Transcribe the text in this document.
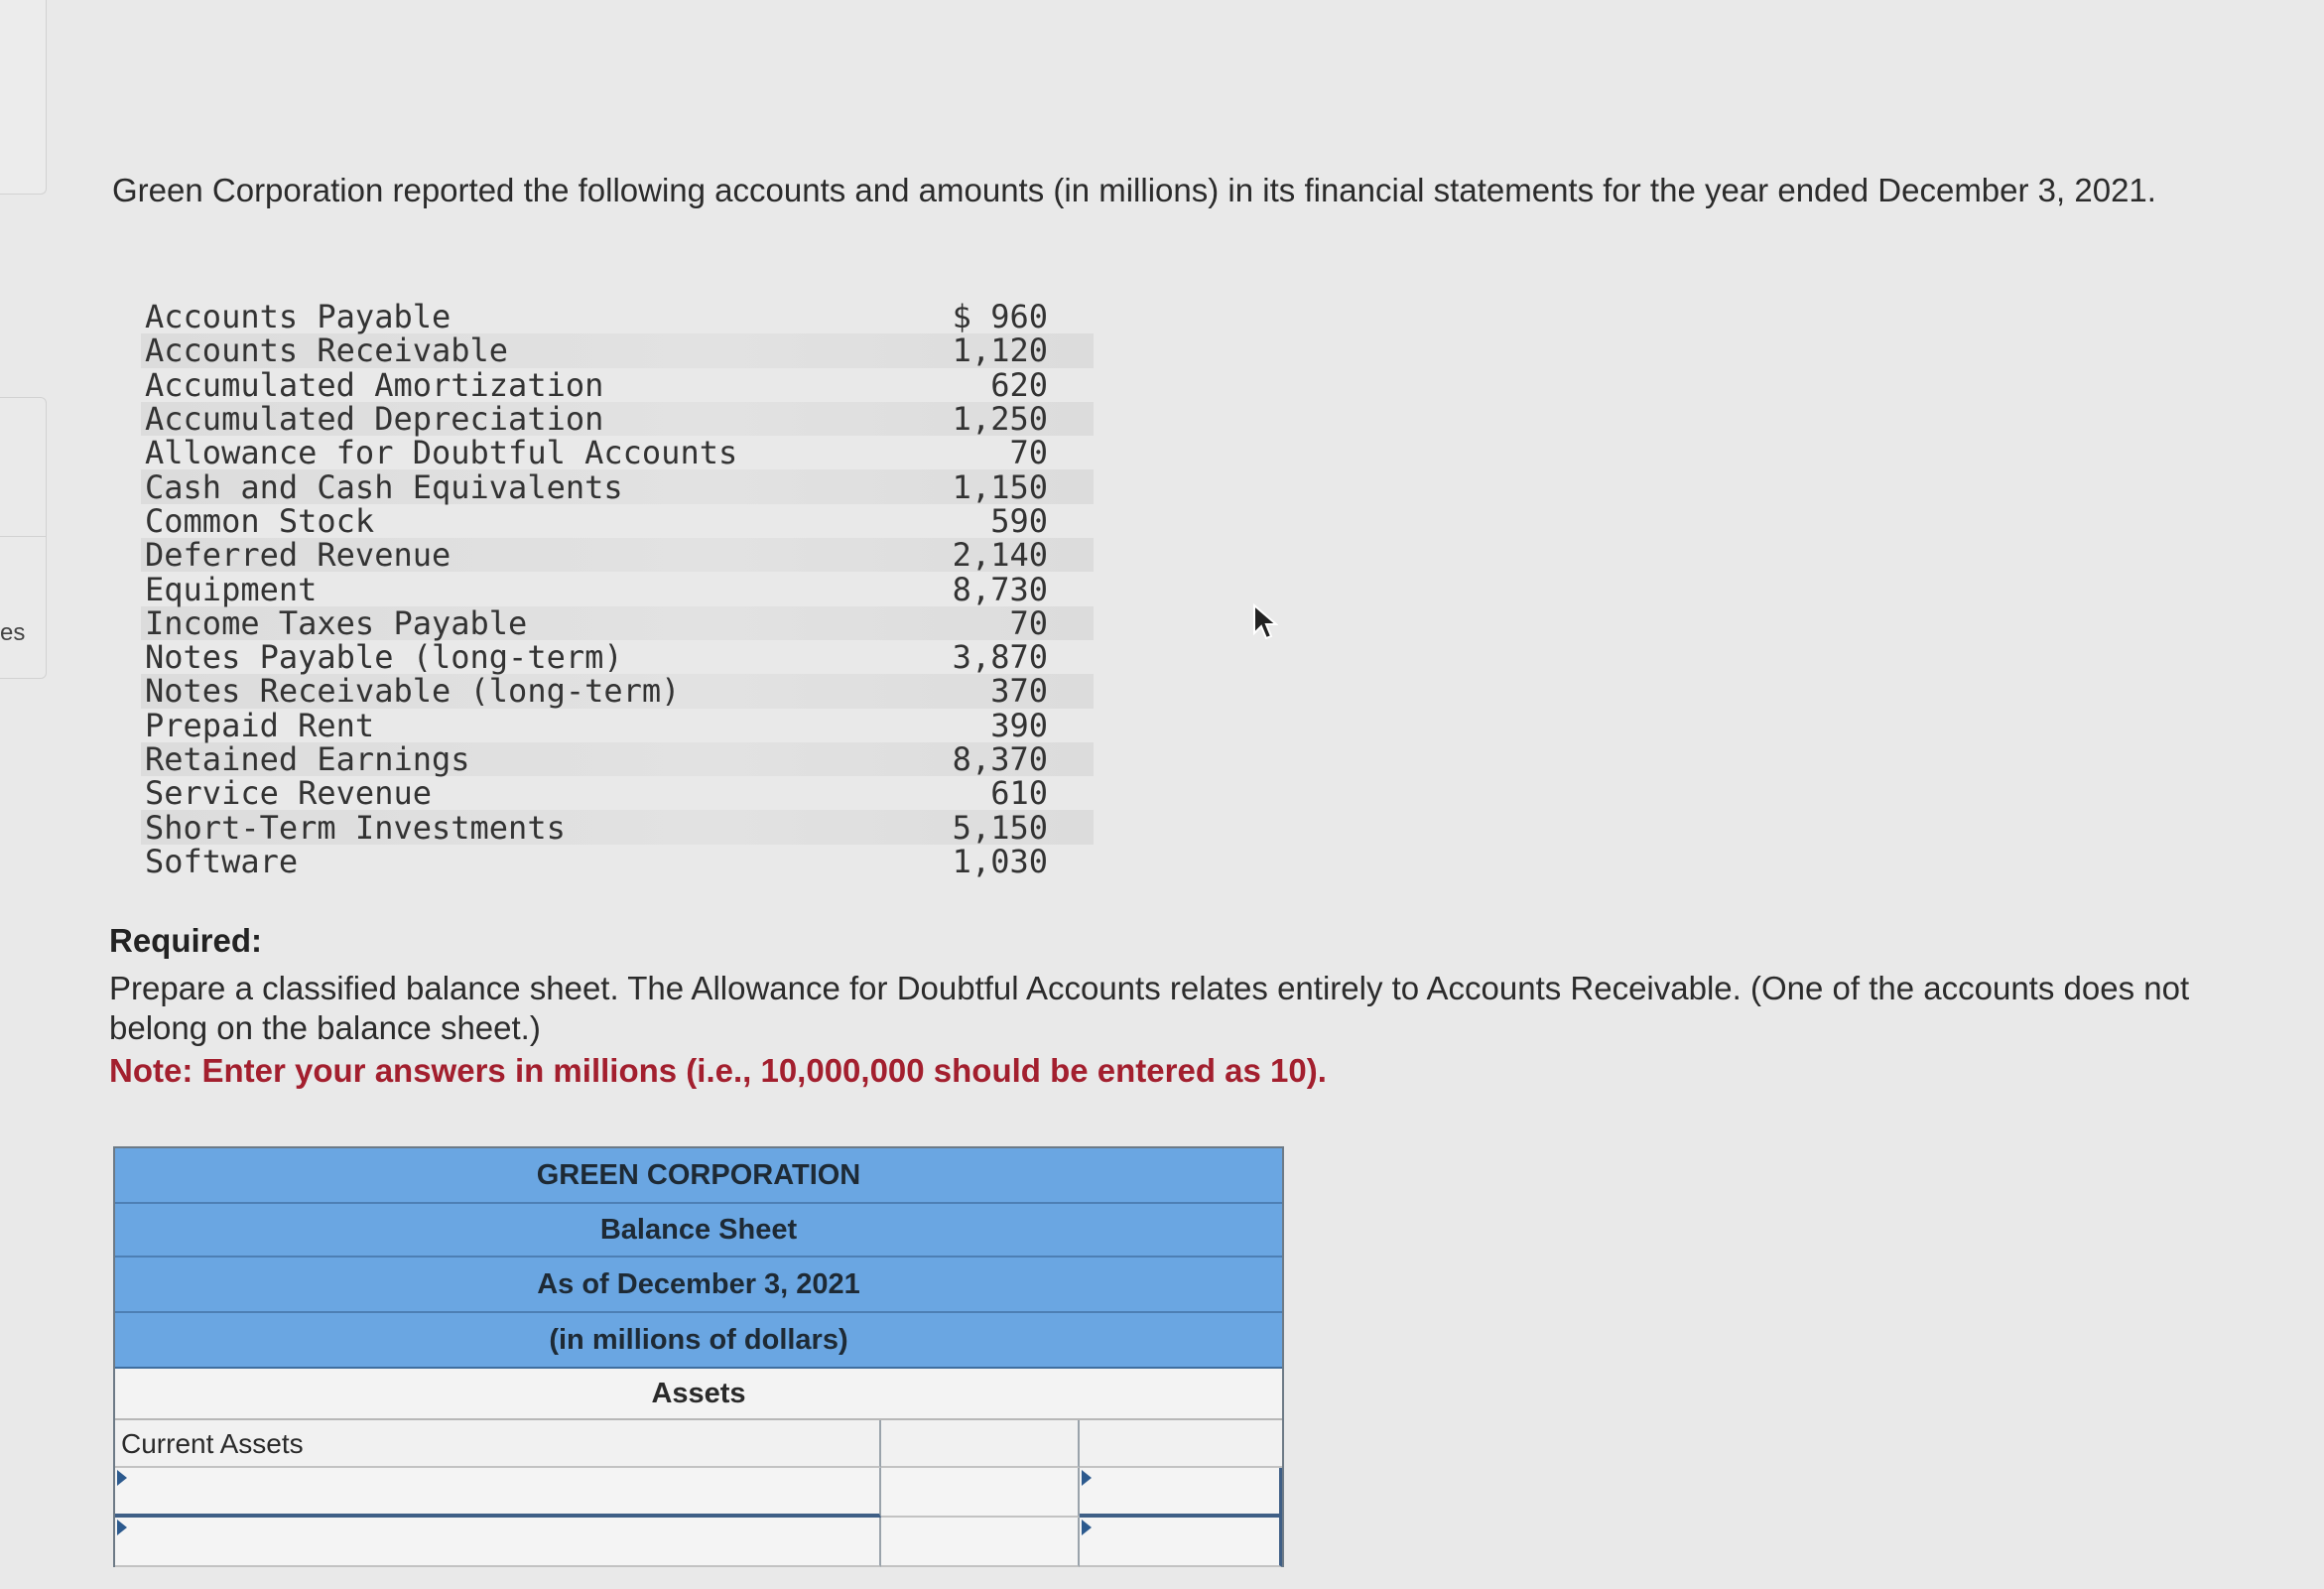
es

Green Corporation reported the following accounts and amounts (in millions) in its financial statements for the year ended December 3, 2021.

Accounts Payable	$ 960
Accounts Receivable	1,120
Accumulated Amortization	620
Accumulated Depreciation	1,250
Allowance for Doubtful Accounts	70
Cash and Cash Equivalents	1,150
Common Stock	590
Deferred Revenue	2,140
Equipment	8,730
Income Taxes Payable	70
Notes Payable (long-term)	3,870
Notes Receivable (long-term)	370
Prepaid Rent	390
Retained Earnings	8,370
Service Revenue	610
Short-Term Investments	5,150
Software	1,030
Required:

Prepare a classified balance sheet. The Allowance for Doubtful Accounts relates entirely to Accounts Receivable. (One of the accounts does not belong on the balance sheet.)

Note: Enter your answers in millions (i.e., 10,000,000 should be entered as 10).
GREEN CORPORATION
Balance Sheet
As of December 3, 2021
(in millions of dollars)
Assets
Current Assets
